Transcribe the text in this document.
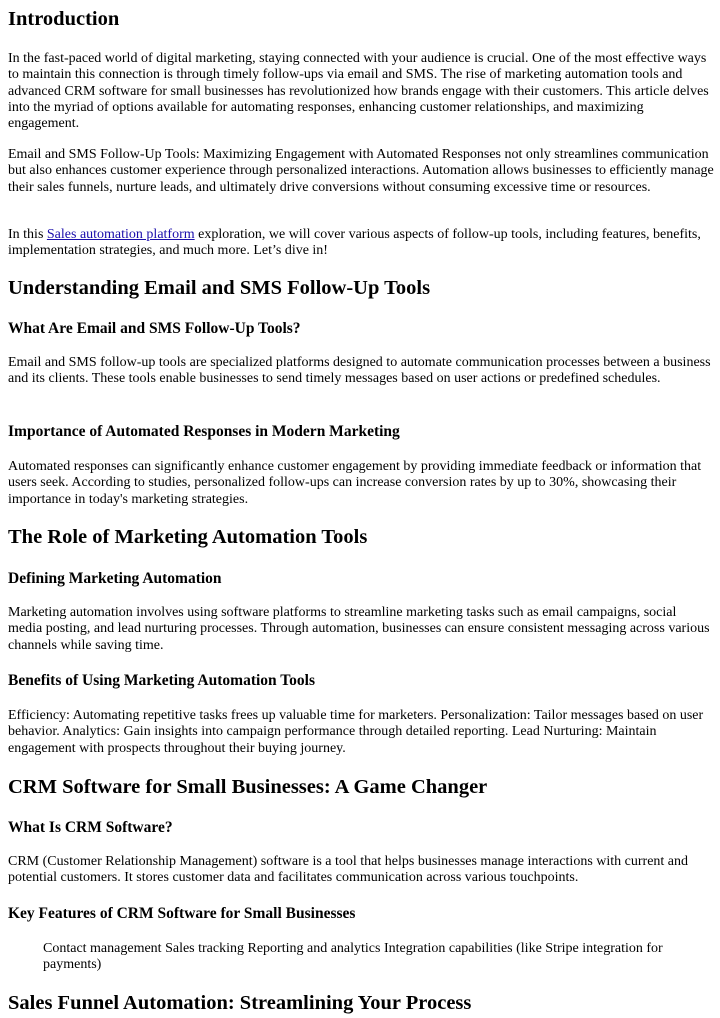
Introduction

In the fast-paced world of digital marketing, staying connected with your audience is crucial. One of the most effective ways to maintain this connection is through timely follow-ups via email and SMS. The rise of marketing automation tools and advanced CRM software for small businesses has revolutionized how brands engage with their customers. This article delves into the myriad of options available for automating responses, enhancing customer relationships, and maximizing engagement.

Email and SMS Follow-Up Tools: Maximizing Engagement with Automated Responses not only streamlines communication but also enhances customer experience through personalized interactions. Automation allows businesses to efficiently manage their sales funnels, nurture leads, and ultimately drive conversions without consuming excessive time or resources.

In this Sales automation platform exploration, we will cover various aspects of follow-up tools, including features, benefits, implementation strategies, and much more. Let’s dive in!

Understanding Email and SMS Follow-Up Tools
What Are Email and SMS Follow-Up Tools?

Email and SMS follow-up tools are specialized platforms designed to automate communication processes between a business and its clients. These tools enable businesses to send timely messages based on user actions or predefined schedules.

Importance of Automated Responses in Modern Marketing

Automated responses can significantly enhance customer engagement by providing immediate feedback or information that users seek. According to studies, personalized follow-ups can increase conversion rates by up to 30%, showcasing their importance in today's marketing strategies.

The Role of Marketing Automation Tools
Defining Marketing Automation

Marketing automation involves using software platforms to streamline marketing tasks such as email campaigns, social media posting, and lead nurturing processes. Through automation, businesses can ensure consistent messaging across various channels while saving time.

Benefits of Using Marketing Automation Tools

Efficiency: Automating repetitive tasks frees up valuable time for marketers. Personalization: Tailor messages based on user behavior. Analytics: Gain insights into campaign performance through detailed reporting. Lead Nurturing: Maintain engagement with prospects throughout their buying journey.

CRM Software for Small Businesses: A Game Changer
What Is CRM Software?

CRM (Customer Relationship Management) software is a tool that helps businesses manage interactions with current and potential customers. It stores customer data and facilitates communication across various touchpoints.

Key Features of CRM Software for Small Businesses

Contact management Sales tracking Reporting and analytics Integration capabilities (like Stripe integration for payments)

Sales Funnel Automation: Streamlining Your Process
